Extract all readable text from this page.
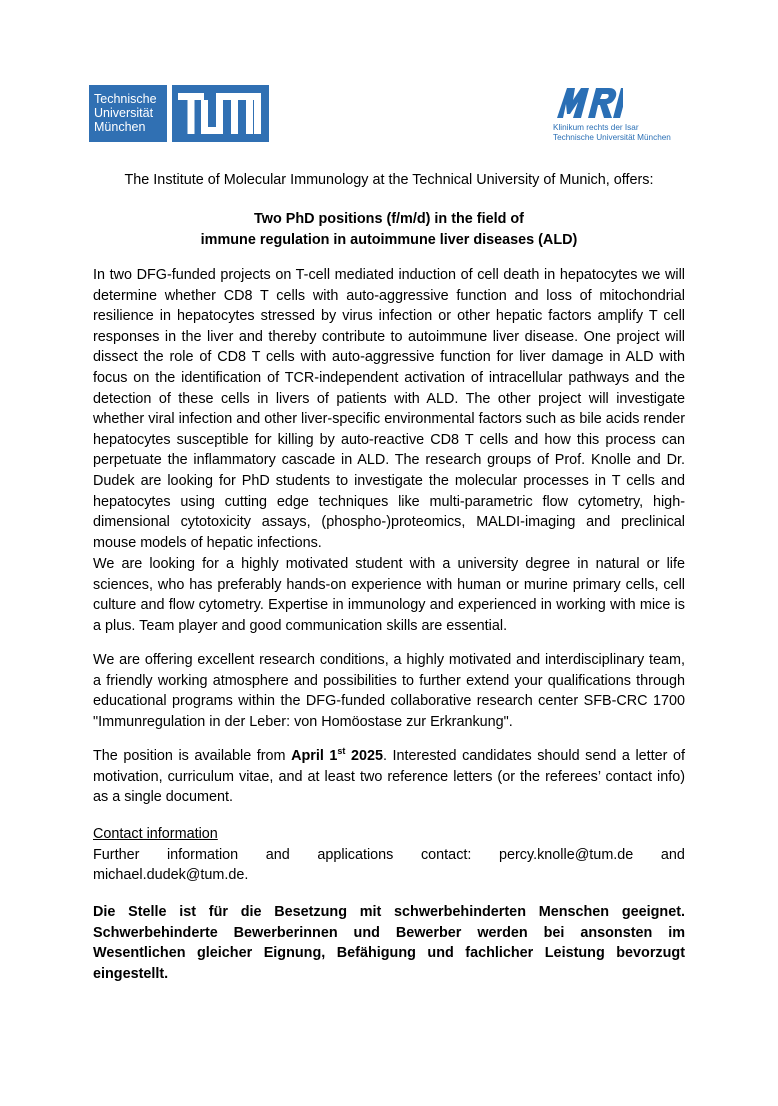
Technische
Universität
München	Klinikum rechts der Isar
Technische Universität München
The Institute of Molecular Immunology at the Technical University of Munich, offers:
Two PhD positions (f/m/d) in the field of
immune regulation in autoimmune liver diseases (ALD)
In two DFG-funded projects on T-cell mediated induction of cell death in hepatocytes we will determine whether CD8 T cells with auto-aggressive function and loss of mitochondrial resilience in hepatocytes stressed by virus infection or other hepatic factors amplify T cell responses in the liver and thereby contribute to autoimmune liver disease. One project will dissect the role of CD8 T cells with auto-aggressive function for liver damage in ALD with focus on the identification of TCR-independent activation of intracellular pathways and the detection of these cells in livers of patients with ALD. The other project will investigate whether viral infection and other liver-specific environmental factors such as bile acids render hepatocytes susceptible for killing by auto-reactive CD8 T cells and how this process can perpetuate the inflammatory cascade in ALD. The research groups of Prof. Knolle and Dr. Dudek are looking for PhD students to investigate the molecular processes in T cells and hepatocytes using cutting edge techniques like multi-parametric flow cytometry, high-dimensional cytotoxicity assays, (phospho-)proteomics, MALDI-imaging and preclinical mouse models of hepatic infections.
We are looking for a highly motivated student with a university degree in natural or life sciences, who has preferably hands-on experience with human or murine primary cells, cell culture and flow cytometry. Expertise in immunology and experienced in working with mice is a plus. Team player and good communication skills are essential.
We are offering excellent research conditions, a highly motivated and interdisciplinary team, a friendly working atmosphere and possibilities to further extend your qualifications through educational programs within the DFG-funded collaborative research center SFB-CRC 1700 "Immunregulation in der Leber: von Homöostase zur Erkrankung".
The position is available from April 1st 2025. Interested candidates should send a letter of motivation, curriculum vitae, and at least two reference letters (or the referees’ contact info) as a single document.
Contact information
Further information and applications contact: percy.knolle@tum.de and
michael.dudek@tum.de.
Die Stelle ist für die Besetzung mit schwerbehinderten Menschen geeignet. Schwerbehinderte Bewerberinnen und Bewerber werden bei ansonsten im Wesentlichen gleicher Eignung, Befähigung und fachlicher Leistung bevorzugt eingestellt.
